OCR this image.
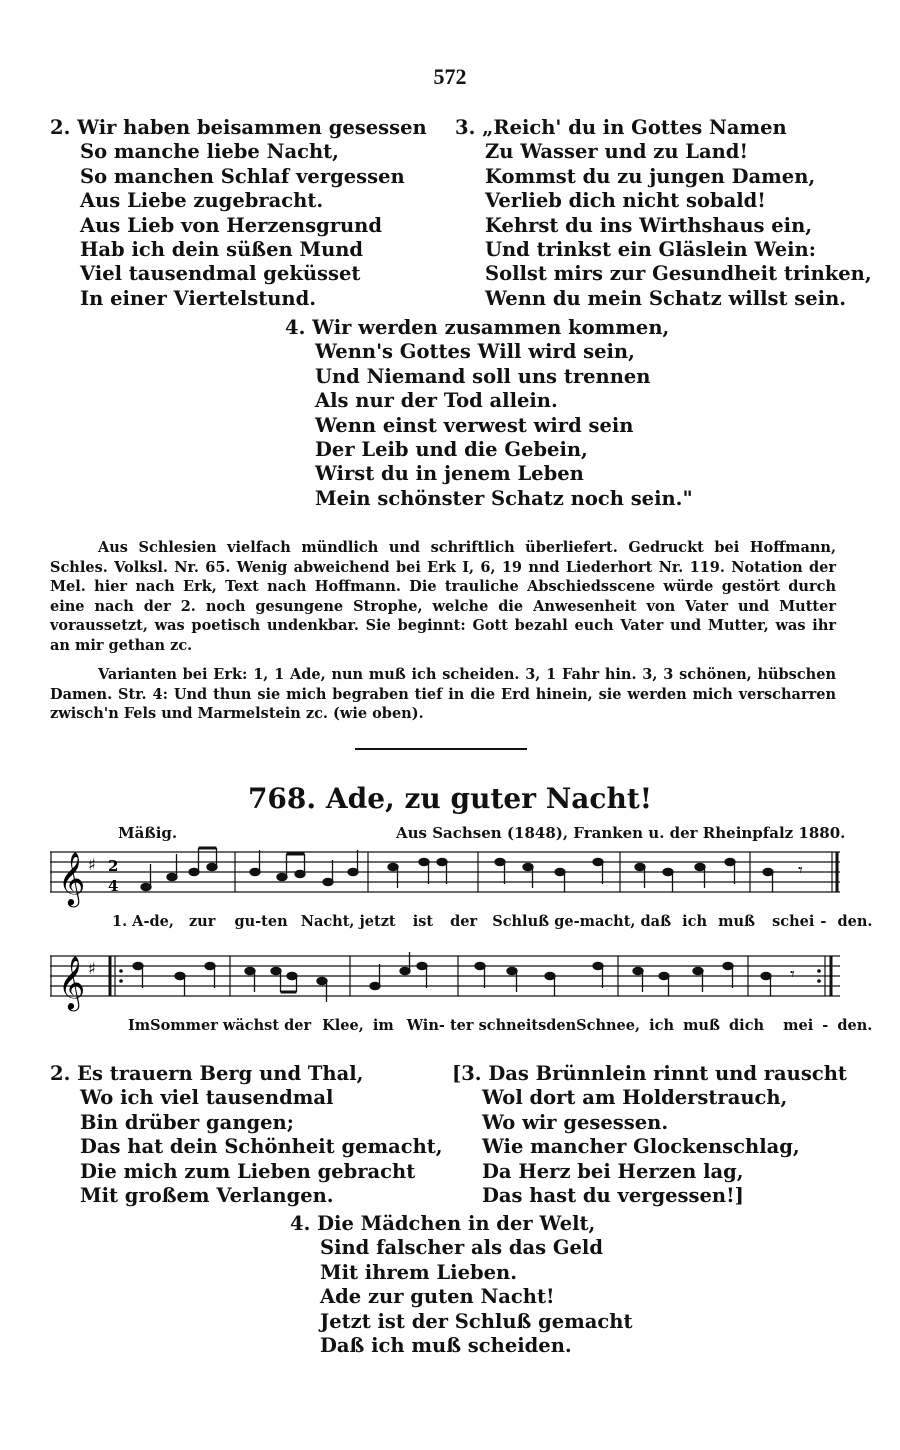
572
2. Wir haben beisammen gesessen
So manche liebe Nacht,
So manchen Schlaf vergessen
Aus Liebe zugebracht.
Aus Lieb von Herzensgrund
Hab ich dein süßen Mund
Viel tausendmal geküsset
In einer Viertelstund.
3. „Reich' du in Gottes Namen
Zu Wasser und zu Land!
Kommst du zu jungen Damen,
Verlieb dich nicht sobald!
Kehrst du ins Wirthshaus ein,
Und trinkst ein Gläslein Wein:
Sollst mirs zur Gesundheit trinken,
Wenn du mein Schatz willst sein.
4. Wir werden zusammen kommen,
Wenn's Gottes Will wird sein,
Und Niemand soll uns trennen
Als nur der Tod allein.
Wenn einst verwest wird sein
Der Leib und die Gebein,
Wirst du in jenem Leben
Mein schönster Schatz noch sein."
Aus Schlesien vielfach mündlich und schriftlich überliefert. Gedruckt bei Hoffmann, Schles. Volksl. Nr. 65. Wenig abweichend bei Erk I, 6, 19 nnd Liederhort Nr. 119. Notation der Mel. hier nach Erk, Text nach Hoffmann. Die trauliche Abschiedsscene würde gestört durch eine nach der 2. noch gesungene Strophe, welche die Anwesenheit von Vater und Mutter voraussetzt, was poetisch undenkbar. Sie beginnt: Gott bezahl euch Vater und Mutter, was ihr an mir gethan zc.
Varianten bei Erk: 1, 1 Ade, nun muß ich scheiden. 3, 1 Fahr hin. 3, 3 schönen, hübschen Damen. Str. 4: Und thun sie mich begraben tief in die Erd hinein, sie werden mich verscharren zwisch'n Fels und Marmelstein zc. (wie oben).
768. Ade, zu guter Nacht!
Mäßig.	Aus Sachsen (1848), Franken u. der Rheinpfalz 1880.
𝄞 ♯ 2
4
𝄾
1. A-de, zur gu-ten Nacht, jetzt ist der Schluß ge-macht, daß ich muß schei - den.
𝄞 ♯	𝄾
ImSommer wächst der Klee, im Win- ter schneitsdenSchnee, ich muß dich mei - den.
2. Es trauern Berg und Thal,
Wo ich viel tausendmal
Bin drüber gangen;
Das hat dein Schönheit gemacht,
Die mich zum Lieben gebracht
Mit großem Verlangen.
[3. Das Brünnlein rinnt und rauscht
Wol dort am Holderstrauch,
Wo wir gesessen.
Wie mancher Glockenschlag,
Da Herz bei Herzen lag,
Das hast du vergessen!]
4. Die Mädchen in der Welt,
Sind falscher als das Geld
Mit ihrem Lieben.
Ade zur guten Nacht!
Jetzt ist der Schluß gemacht
Daß ich muß scheiden.
